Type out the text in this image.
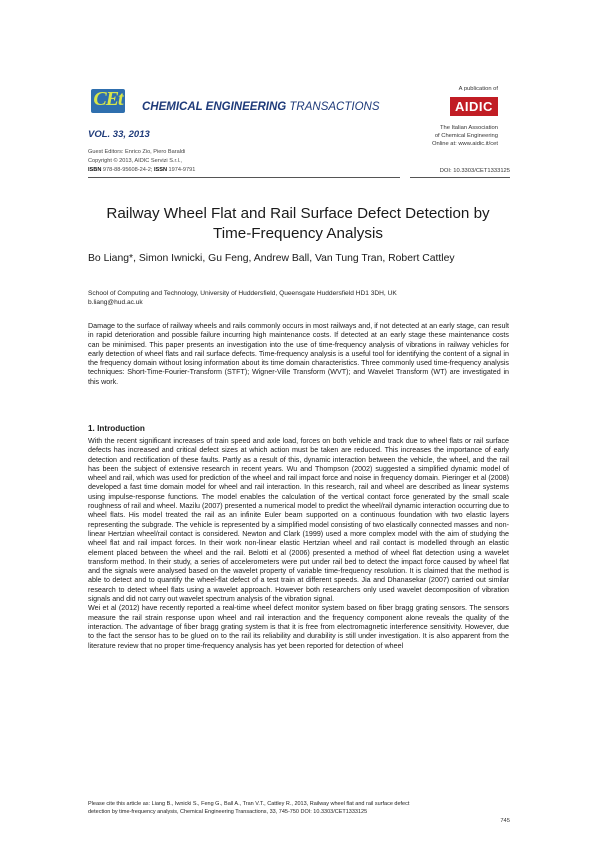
CEt CHEMICAL ENGINEERING TRANSACTIONS
VOL. 33, 2013
Guest Editors: Enrico Zio, Piero Baraldi
Copyright © 2013, AIDIC Servizi S.r.l.,
ISBN 978-88-95608-24-2; ISSN 1974-9791
A publication of
AIDIC
The Italian Association
of Chemical Engineering
Online at: www.aidic.it/cet
DOI: 10.3303/CET1333125
Railway Wheel Flat and Rail Surface Defect Detection by Time-Frequency Analysis
Bo Liang*, Simon Iwnicki, Gu Feng, Andrew Ball, Van Tung Tran, Robert Cattley
School of Computing and Technology, University of Huddersfield, Queensgate Huddersfield HD1 3DH, UK
b.liang@hud.ac.uk
Damage to the surface of railway wheels and rails commonly occurs in most railways and, if not detected at an early stage, can result in rapid deterioration and possible failure incurring high maintenance costs. If detected at an early stage these maintenance costs can be minimised. This paper presents an investigation into the use of time-frequency analysis of vibrations in railway vehicles for early detection of wheel flats and rail surface defects. Time-frequency analysis is a useful tool for identifying the content of a signal in the frequency domain without losing information about its time domain characteristics. Three commonly used time-frequency analysis techniques: Short-Time-Fourier-Transform (STFT); Wigner-Ville Transform (WVT); and Wavelet Transform (WT) are investigated in this work.
1. Introduction

With the recent significant increases of train speed and axle load, forces on both vehicle and track due to wheel flats or rail surface defects has increased and critical defect sizes at which action must be taken are reduced. This increases the importance of early detection and rectification of these faults. Partly as a result of this, dynamic interaction between the vehicle, the wheel, and the rail has been the subject of extensive research in recent years. Wu and Thompson (2002) suggested a simplified dynamic model of wheel and rail, which was used for prediction of the wheel and rail impact force and noise in frequency domain. Pieringer et al (2008) developed a fast time domain model for wheel and rail interaction. In this research, rail and wheel are described as linear systems using impulse-response functions. The model enables the calculation of the vertical contact force generated by the small scale roughness of rail and wheel. Mazilu (2007) presented a numerical model to predict the wheel/rail dynamic interaction occurring due to wheel flats. His model treated the rail as an infinite Euler beam supported on a continuous foundation with two elastic layers representing the subgrade. The vehicle is represented by a simplified model consisting of two elastically connected masses and non-linear Hertzian wheel/rail contact is considered. Newton and Clark (1999) used a more complex model with the aim of studying the wheel flat and rail impact forces. In their work non-linear elastic Hertzian wheel and rail contact is modelled through an elastic element placed between the wheel and the rail. Belotti et al (2006) presented a method of wheel flat detection using a wavelet transform method. In their study, a series of accelerometers were put under rail bed to detect the impact force caused by wheel flat and the signals were analysed based on the wavelet property of variable time-frequency resolution. It is claimed that the method is able to detect and to quantify the wheel-flat defect of a test train at different speeds. Jia and Dhanasekar (2007) carried out similar research to detect wheel flats using a wavelet approach. However both researchers only used wavelet decomposition of vibration signals and did not carry out wavelet spectrum analysis of the vibration signal.

Wei et al (2012) have recently reported a real-time wheel defect monitor system based on fiber bragg grating sensors. The sensors measure the rail strain response upon wheel and rail interaction and the frequency component alone reveals the quality of the interaction. The advantage of fiber bragg grating system is that it is free from electromagnetic interference sensitivity. However, due to the fact the sensor has to be glued on to the rail its reliability and durability is still under investigation. It is also apparent from the literature review that no proper time-frequency analysis has yet been reported for detection of wheel

Please cite this article as: Liang B., Iwnicki S., Feng G., Ball A., Tran V.T., Cattley R., 2013, Railway wheel flat and rail surface defect
detection by time-frequency analysis, Chemical Engineering Transactions, 33, 745-750 DOI: 10.3303/CET1333125
745
